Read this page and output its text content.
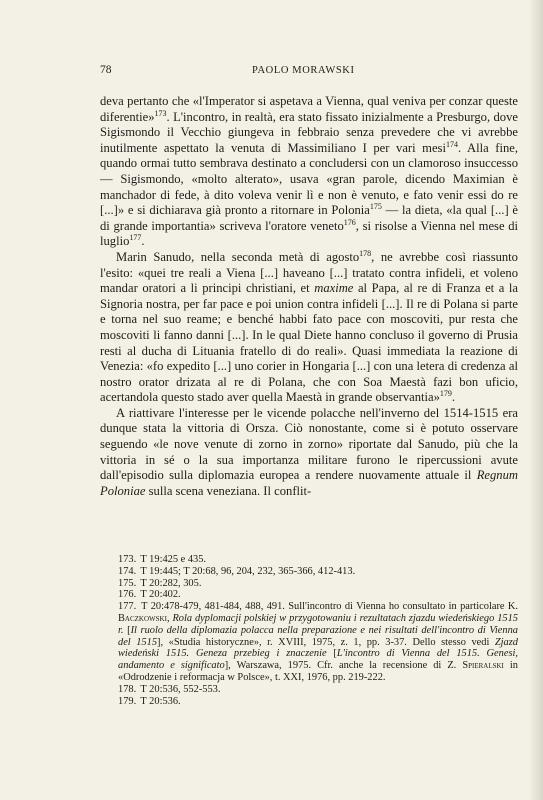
78	PAOLO MORAWSKI

deva pertanto che «l'Imperator si aspetava a Vienna, qual veniva per conzar queste diferentie»$^{173}$. L'incontro, in realtà, era stato fissato inizialmente a Presburgo, dove Sigismondo il Vecchio giungeva in febbraio senza prevedere che vi avrebbe inutilmente aspettato la venuta di Massimiliano I per vari mesi$^{174}$. Alla fine, quando ormai tutto sembrava destinato a concludersi con un clamoroso insuccesso — Sigismondo, «molto alterato», usava «gran parole, dicendo Maximian è manchador di fede, à dito voleva venir lì e non è venuto, e fato venir essi do re [...]» e si dichiarava già pronto a ritornare in Polonia$^{175}$ — la dieta, «la qual [...] è di grande importantia» scriveva l'oratore veneto$^{176}$, si risolse a Vienna nel mese di luglio$^{177}$.

Marin Sanudo, nella seconda metà di agosto$^{178}$, ne avrebbe così riassunto l'esito: «quei tre reali a Viena [...] haveano [...] tratato contra infideli, et voleno mandar oratori a li principi christiani, et maxime al Papa, al re di Franza et a la Signoria nostra, per far pace e poi union contra infideli [...]. Il re di Polana si parte e torna nel suo reame; e benché habbi fato pace con moscoviti, pur resta che moscoviti li fanno danni [...]. In le qual Diete hanno concluso il governo di Prusia resti al ducha di Lituania fratello di do reali». Quasi immediata la reazione di Venezia: «fo expedito [...] uno corier in Hongaria [...] con una letera di credenza al nostro orator drizata al re di Polana, che con Soa Maestà fazi bon uficio, acertandola questo stado aver quella Maestà in grande observantia»$^{179}$.

A riattivare l'interesse per le vicende polacche nell'inverno del 1514-1515 era dunque stata la vittoria di Orsza. Ciò nonostante, come si è potuto osservare seguendo «le nove venute di zorno in zorno» riportate dal Sanudo, più che la vittoria in sé o la sua importanza militare furono le ripercussioni avute dall'episodio sulla diplomazia europea a rendere nuovamente attuale il Regnum Poloniae sulla scena veneziana. Il conflit-

173. T 19:425 e 435.

174. T 19:445; T 20:68, 96, 204, 232, 365-366, 412-413.

175. T 20:282, 305.

176. T 20:402.

177. T 20:478-479, 481-484, 488, 491. Sull'incontro di Vienna ho consultato in particolare K. Baczkowski, Rola dyplomacji polskiej w przygotowaniu i rezultatach zjazdu wiedeńskiego 1515 r. [Il ruolo della diplomazia polacca nella preparazione e nei risultati dell'incontro di Vienna del 1515], «Studia historyczne», r. XVIII, 1975, z. 1, pp. 3-37. Dello stesso vedi Zjazd wiedeński 1515. Geneza przebieg i znaczenie [L'incontro di Vienna del 1515. Genesi, andamento e significato], Warszawa, 1975. Cfr. anche la recensione di Z. Spieralski in «Odrodzenie i reformacja w Polsce», t. XXI, 1976, pp. 219-222.

178. T 20:536, 552-553.

179. T 20:536.
